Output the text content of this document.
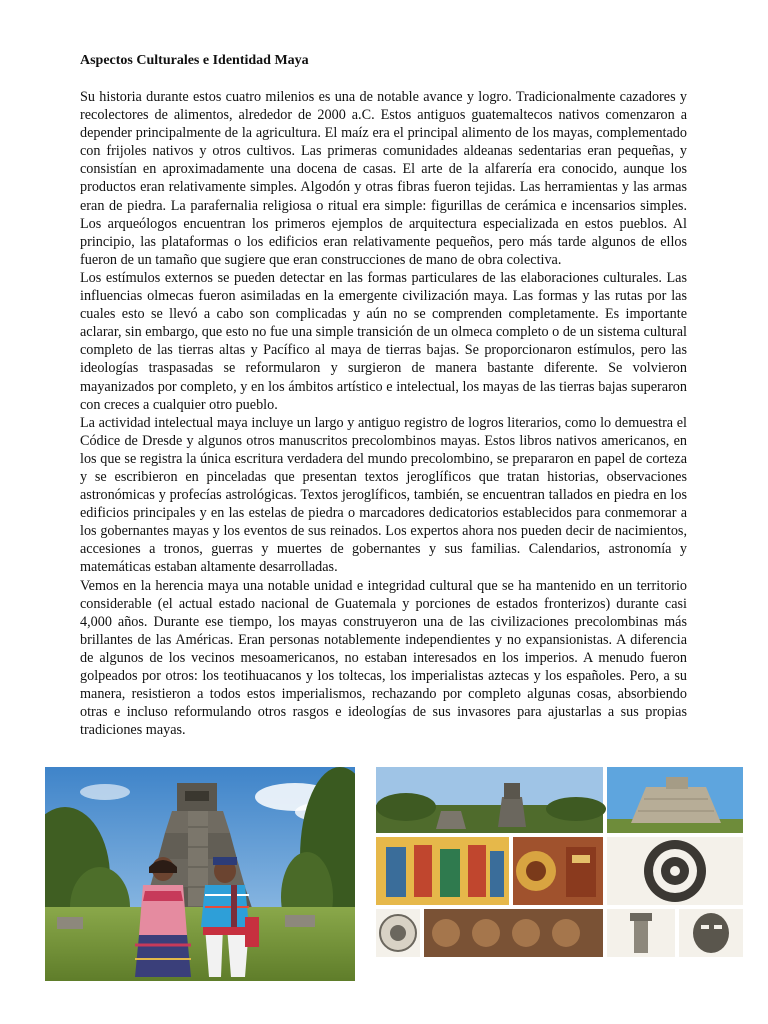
Aspectos Culturales e Identidad Maya

Su historia durante estos cuatro milenios es una de notable avance y logro. Tradicionalmente cazadores y recolectores de alimentos, alrededor de 2000 a.C. Estos antiguos guatemaltecos nativos comenzaron a depender principalmente de la agricultura. El maíz era el principal alimento de los mayas, complementado con frijoles nativos y otros cultivos. Las primeras comunidades aldeanas sedentarias eran pequeñas, y consistían en aproximadamente una docena de casas. El arte de la alfarería era conocido, aunque los productos eran relativamente simples. Algodón y otras fibras fueron tejidas. Las herramientas y las armas eran de piedra. La parafernalia religiosa o ritual era simple: figurillas de cerámica e incensarios simples. Los arqueólogos encuentran los primeros ejemplos de arquitectura especializada en estos pueblos. Al principio, las plataformas o los edificios eran relativamente pequeños, pero más tarde algunos de ellos fueron de un tamaño que sugiere que eran construcciones de mano de obra colectiva.

Los estímulos externos se pueden detectar en las formas particulares de las elaboraciones culturales. Las influencias olmecas fueron asimiladas en la emergente civilización maya. Las formas y las rutas por las cuales esto se llevó a cabo son complicadas y aún no se comprenden completamente. Es importante aclarar, sin embargo, que esto no fue una simple transición de un olmeca completo o de un sistema cultural completo de las tierras altas y Pacífico al maya de tierras bajas. Se proporcionaron estímulos, pero las ideologías traspasadas se reformularon y surgieron de manera bastante diferente. Se volvieron mayanizados por completo, y en los ámbitos artístico e intelectual, los mayas de las tierras bajas superaron con creces a cualquier otro pueblo.

La actividad intelectual maya incluye un largo y antiguo registro de logros literarios, como lo demuestra el Códice de Dresde y algunos otros manuscritos precolombinos mayas. Estos libros nativos americanos, en los que se registra la única escritura verdadera del mundo precolombino, se prepararon en papel de corteza y se escribieron en pinceladas que presentan textos jeroglíficos que tratan historias, observaciones astronómicas y profecías astrológicas. Textos jeroglíficos, también, se encuentran tallados en piedra en los edificios principales y en las estelas de piedra o marcadores dedicatorios establecidos para conmemorar a los gobernantes mayas y los eventos de sus reinados. Los expertos ahora nos pueden decir de nacimientos, accesiones a tronos, guerras y muertes de gobernantes y sus familias. Calendarios, astronomía y matemáticas estaban altamente desarrolladas.

Vemos en la herencia maya una notable unidad e integridad cultural que se ha mantenido en un territorio considerable (el actual estado nacional de Guatemala y porciones de estados fronterizos) durante casi 4,000 años. Durante ese tiempo, los mayas construyeron una de las civilizaciones precolombinas más brillantes de las Américas. Eran personas notablemente independientes y no expansionistas. A diferencia de algunos de los vecinos mesoamericanos, no estaban interesados en los imperios. A menudo fueron golpeados por otros: los teotihuacanos y los toltecas, los imperialistas aztecas y los españoles. Pero, a su manera, resistieron a todos estos imperialismos, rechazando por completo algunas cosas, absorbiendo otras e incluso reformulando otros rasgos e ideologías de sus invasores para ajustarlas a sus propias tradiciones mayas.
